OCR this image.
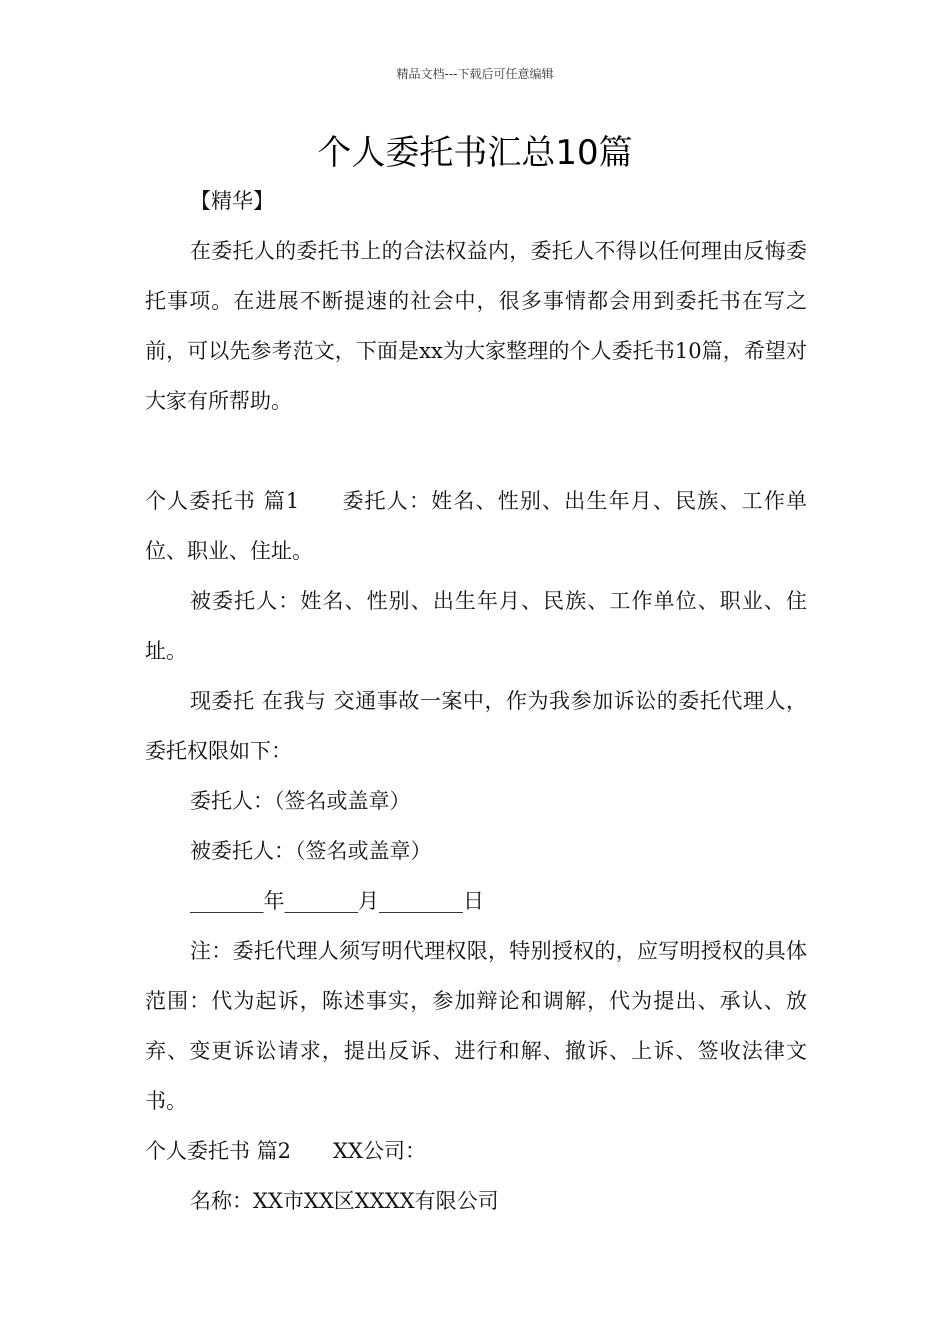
精品文档---下载后可任意编辑
个人委托书汇总10篇

【精华】

在委托人的委托书上的合法权益内，委托人不得以任何理由反悔委托事项。在进展不断提速的社会中，很多事情都会用到委托书在写之前，可以先参考范文，下面是xx为大家整理的个人委托书10篇，希望对大家有所帮助。

个人委托书 篇1 委托人：姓名、性别、出生年月、民族、工作单位、职业、住址。

被委托人：姓名、性别、出生年月、民族、工作单位、职业、住址。

现委托 在我与 交通事故一案中，作为我参加诉讼的委托代理人，委托权限如下：

委托人：（签名或盖章）

被委托人：（签名或盖章）

_______年_______月________日

注：委托代理人须写明代理权限，特别授权的，应写明授权的具体范围：代为起诉，陈述事实，参加辩论和调解，代为提出、承认、放弃、变更诉讼请求，提出反诉、进行和解、撤诉、上诉、签收法律文书。

个人委托书 篇2 XX公司：

名称：XX市XX区XXXX有限公司
